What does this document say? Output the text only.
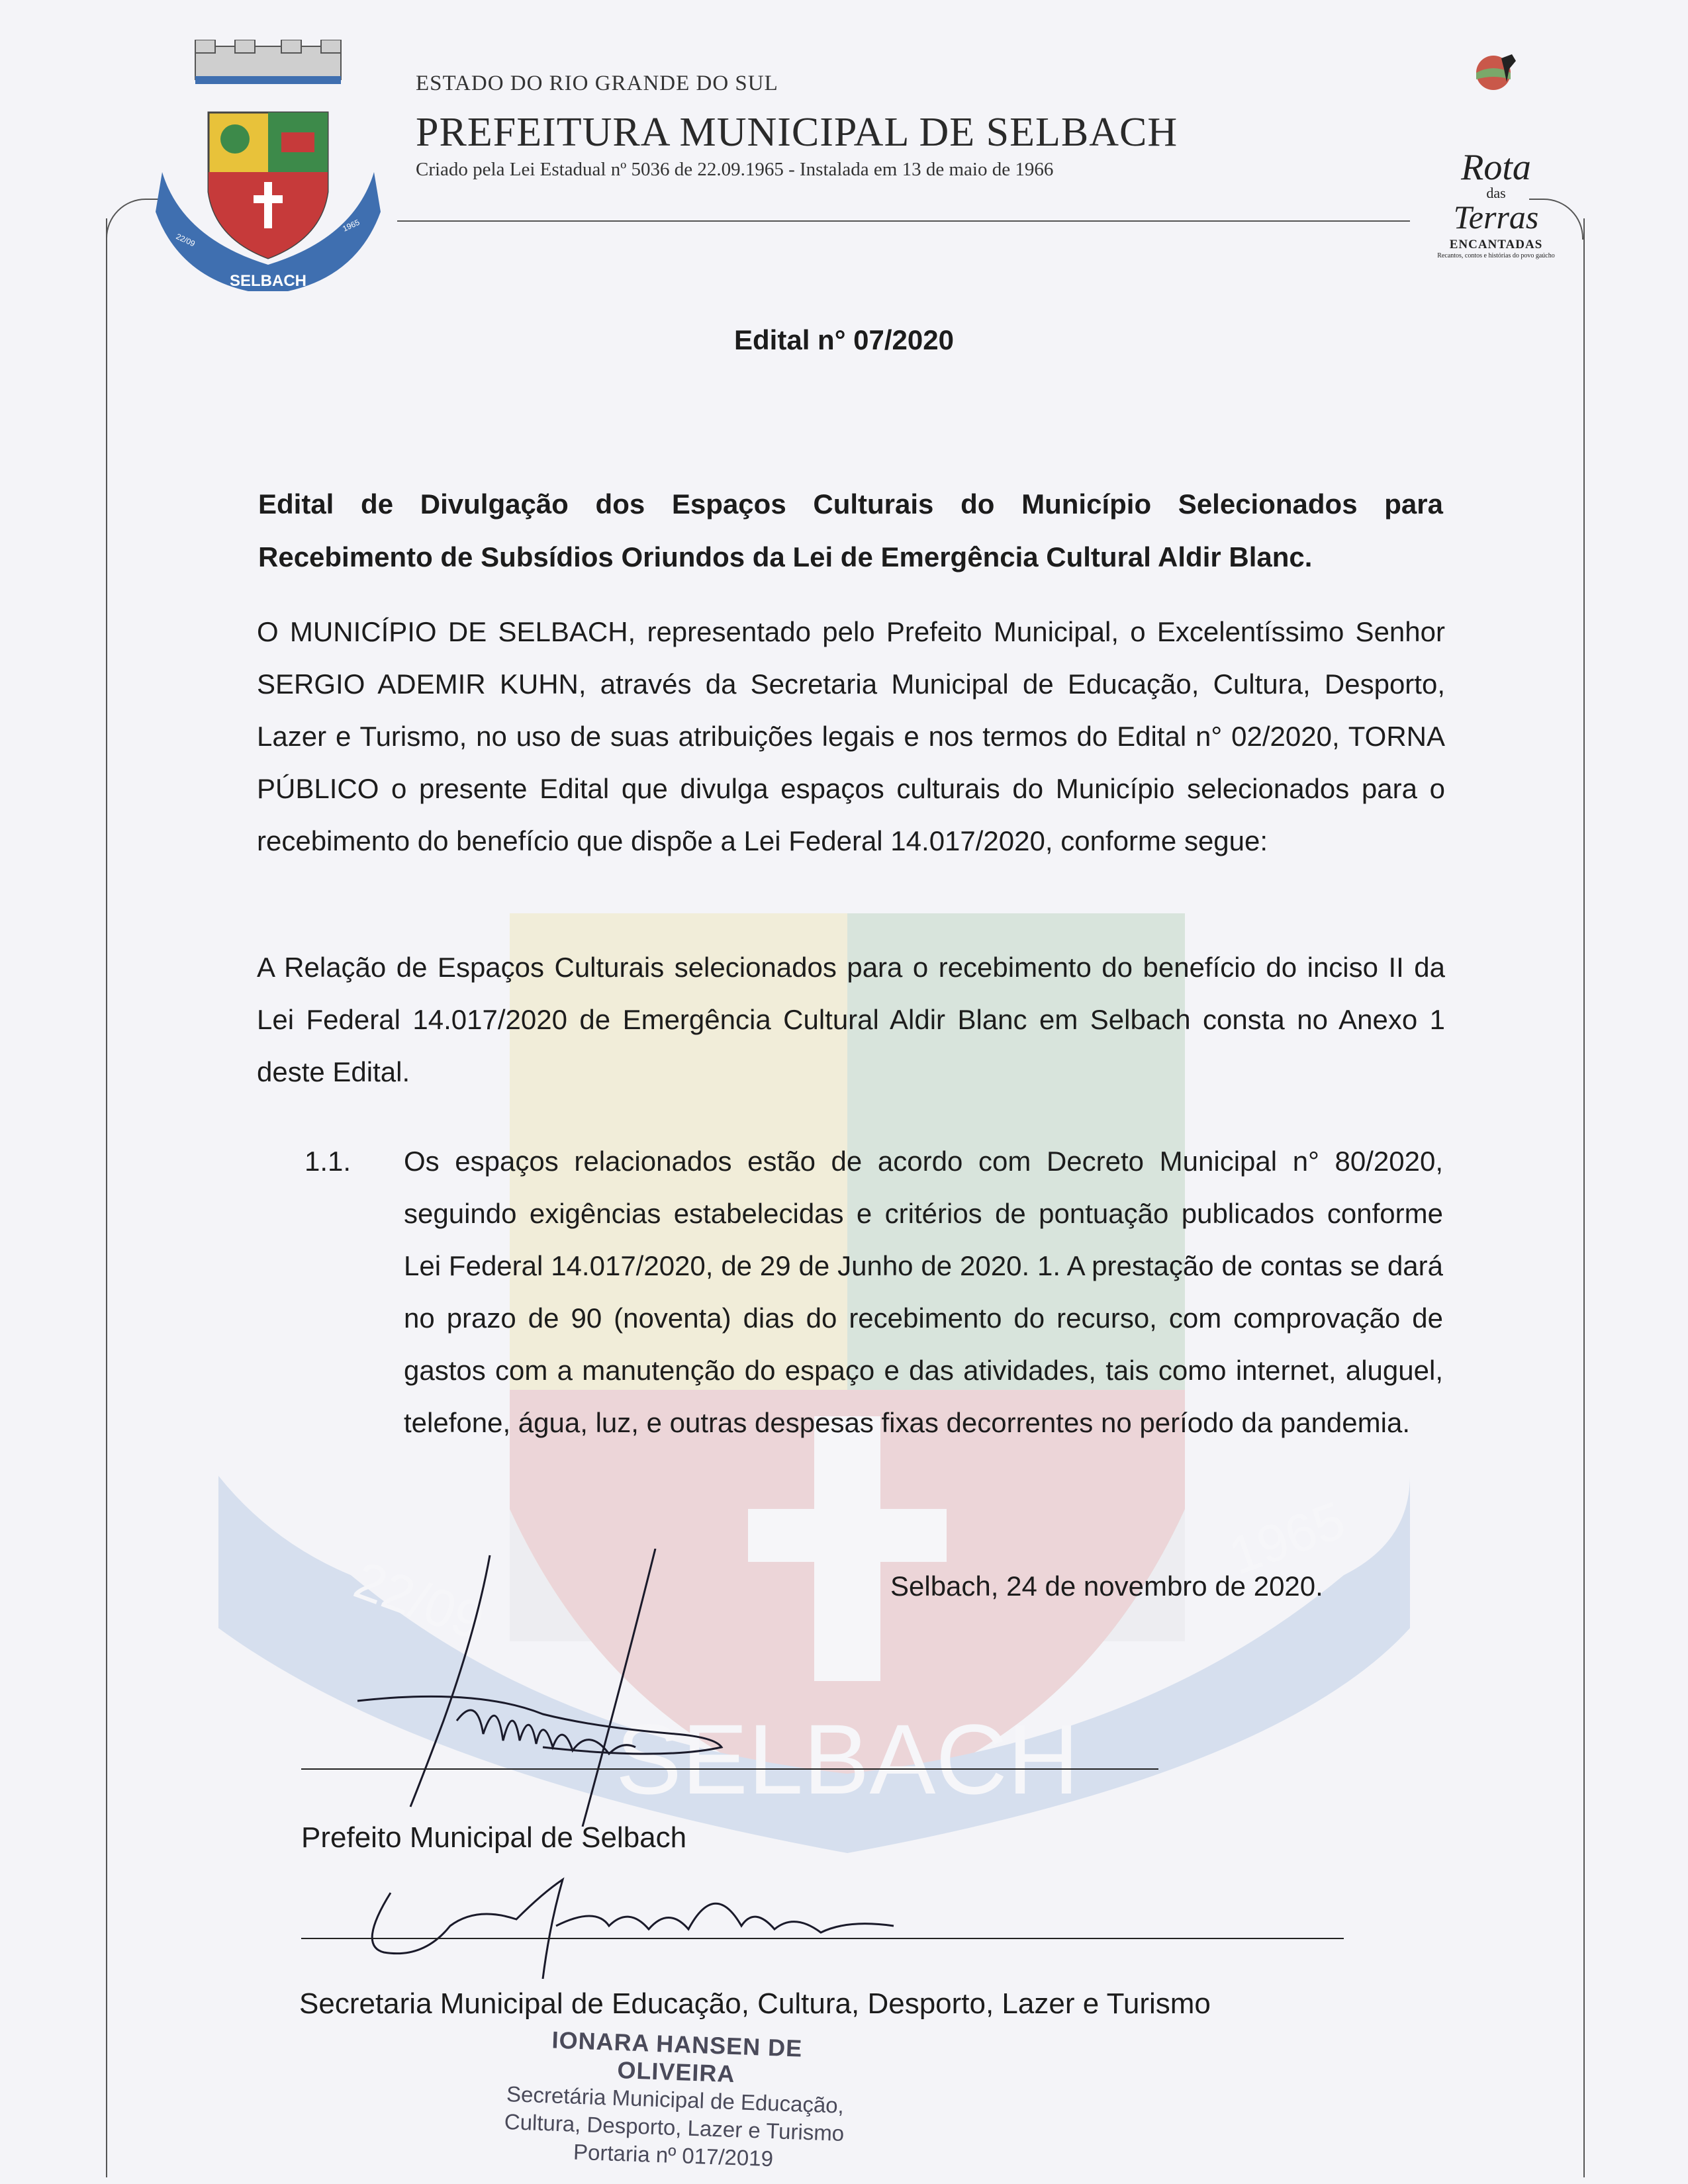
SELBACH
22/09
1965
SELBACH
22/09
1965
ESTADO DO RIO GRANDE DO SUL
PREFEITURA MUNICIPAL DE SELBACH
Criado pela Lei Estadual nº 5036 de 22.09.1965 - Instalada em 13 de maio de 1966	Rota
das
Terras
ENCANTADAS
Recantos, contos e histórias do povo gaúcho
Edital n° 07/2020
Edital de Divulgação dos Espaços Culturais do Município Selecionados para Recebimento de Subsídios Oriundos da Lei de Emergência Cultural Aldir Blanc.
O MUNICÍPIO DE SELBACH, representado pelo Prefeito Municipal, o Excelentíssimo Senhor SERGIO ADEMIR KUHN, através da Secretaria Municipal de Educação, Cultura, Desporto, Lazer e Turismo, no uso de suas atribuições legais e nos termos do Edital n° 02/2020, TORNA PÚBLICO o presente Edital que divulga espaços culturais do Município selecionados para o recebimento do benefício que dispõe a Lei Federal 14.017/2020, conforme segue:
A Relação de Espaços Culturais selecionados para o recebimento do benefício do inciso II da Lei Federal 14.017/2020 de Emergência Cultural Aldir Blanc em Selbach consta no Anexo 1 deste Edital.
1.1. Os espaços relacionados estão de acordo com Decreto Municipal n° 80/2020, seguindo exigências estabelecidas e critérios de pontuação publicados conforme Lei Federal 14.017/2020, de 29 de Junho de 2020. 1. A prestação de contas se dará no prazo de 90 (noventa) dias do recebimento do recurso, com comprovação de gastos com a manutenção do espaço e das atividades, tais como internet, aluguel, telefone, água, luz, e outras despesas fixas decorrentes no período da pandemia.
Selbach, 24 de novembro de 2020.
Prefeito Municipal de Selbach
Secretaria Municipal de Educação, Cultura, Desporto, Lazer e Turismo
IONARA HANSEN DE OLIVEIRA
Secretária Municipal de Educação,
Cultura, Desporto, Lazer e Turismo
Portaria nº 017/2019
